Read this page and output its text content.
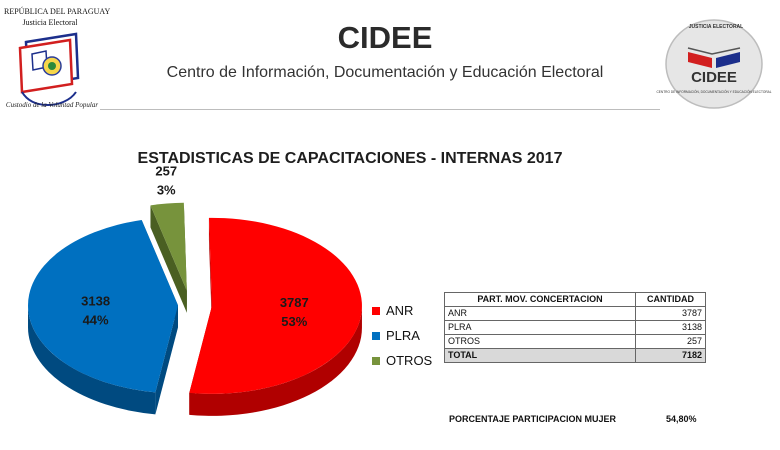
REPÚBLICA DEL PARAGUAY
Justicia Electoral
Custodio de la Voluntad Popular
CIDEE
Centro de Información, Documentación y Educación Electoral
JUSTICIA ELECTORAL
CIDEE
CENTRO DE INFORMACIÓN, DOCUMENTACIÓN Y EDUCACIÓN ELECTORAL
ESTADISTICAS DE CAPACITACIONES - INTERNAS 2017
3787
53%
3138
44%
257
3%
ANR
PLRA
OTROS
PART. MOV. CONCERTACION	CANTIDAD
ANR	3787
PLRA	3138
OTROS	257
TOTAL	7182
PORCENTAJE PARTICIPACION MUJER	54,80%
